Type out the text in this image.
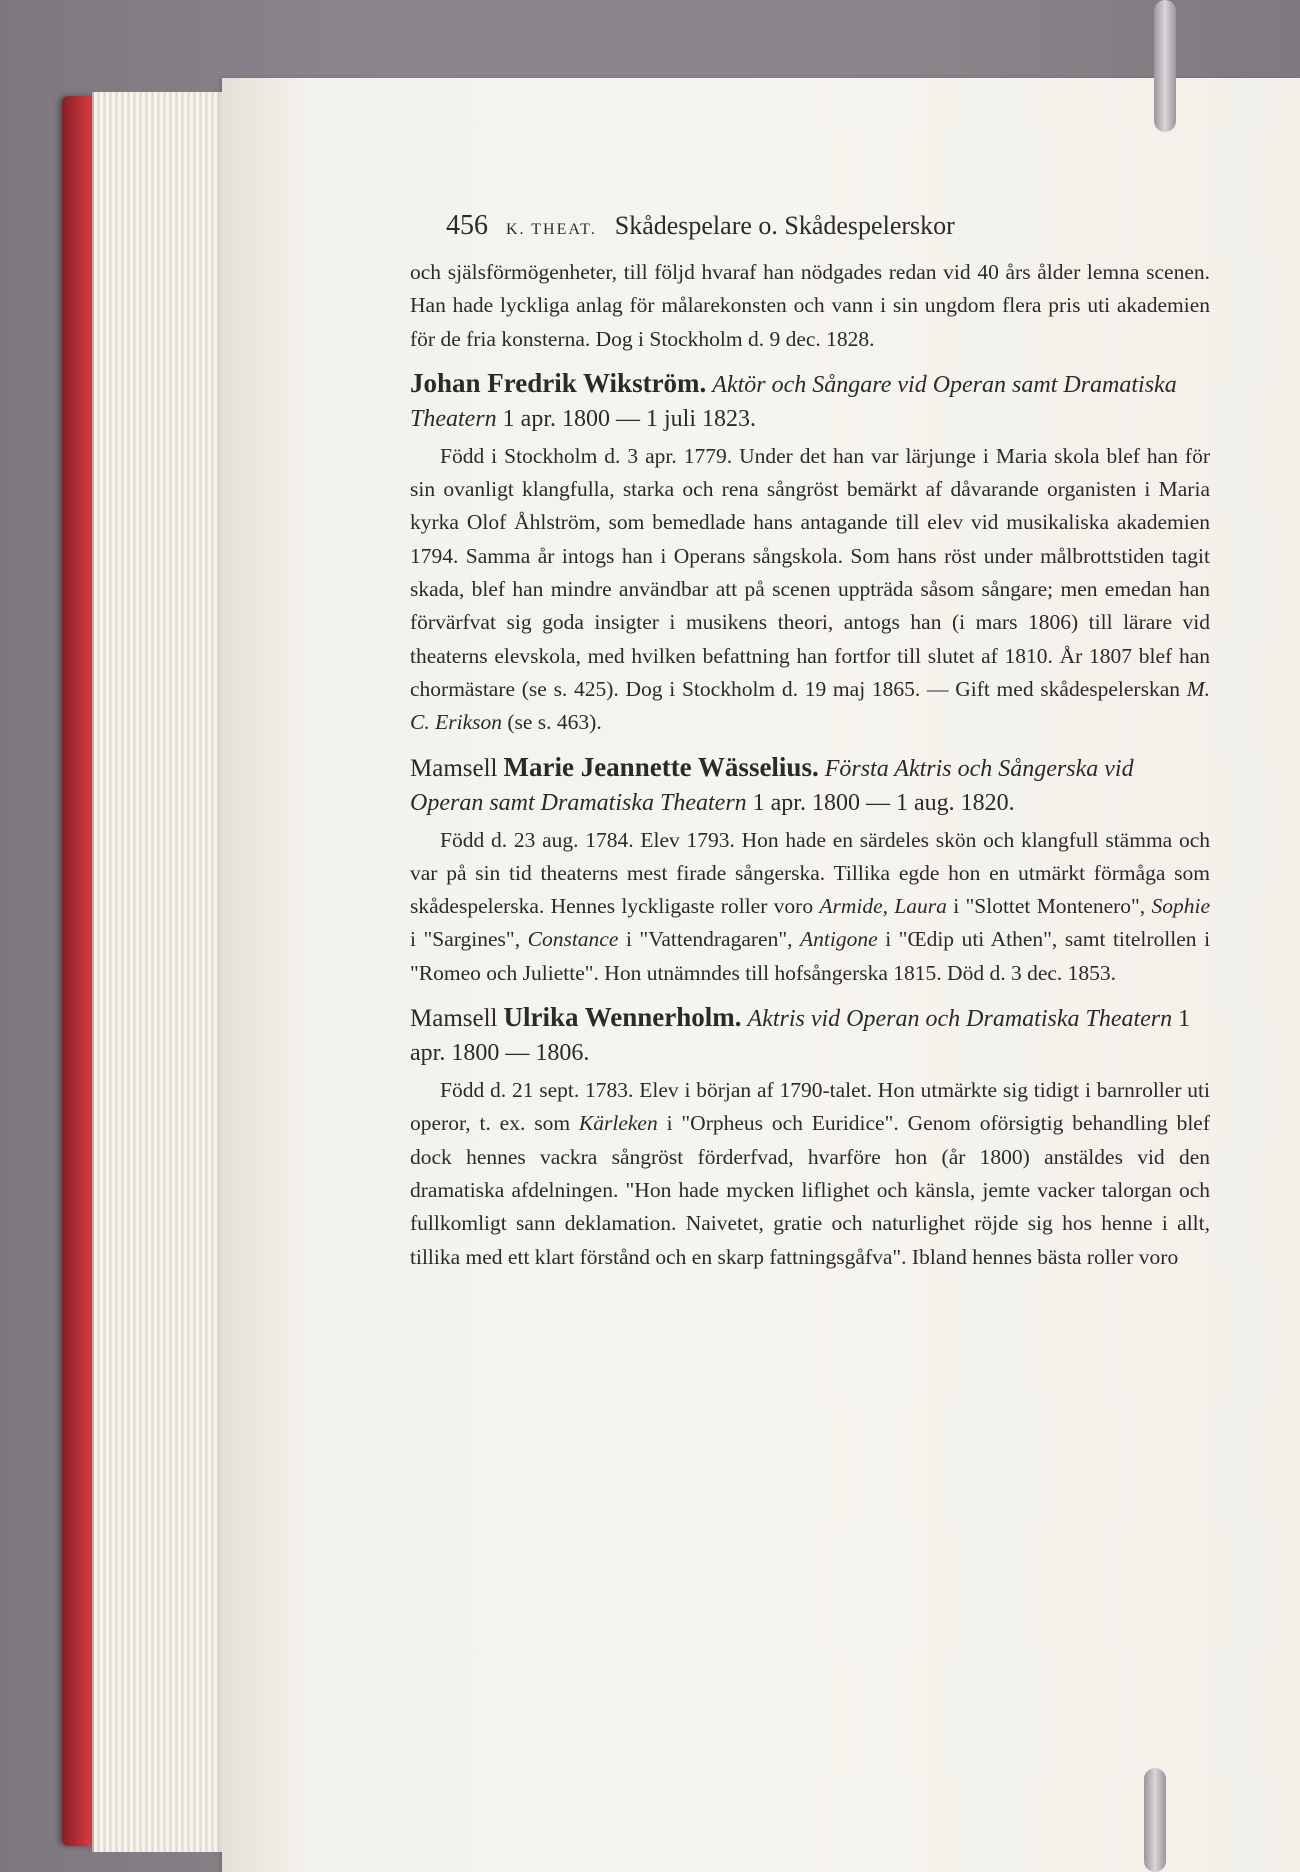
456 K. THEAT. Skådespelare o. Skådespelerskor

och själsförmögenheter, till följd hvaraf han nödgades redan vid 40 års ålder lemna scenen. Han hade lyckliga anlag för målarekonsten och vann i sin ungdom flera pris uti akademien för de fria konsterna. Dog i Stockholm d. 9 dec. 1828.

Johan Fredrik Wikström. Aktör och Sångare vid Operan samt Dramatiska Theatern 1 apr. 1800 — 1 juli 1823.

Född i Stockholm d. 3 apr. 1779. Under det han var lärjunge i Maria skola blef han för sin ovanligt klangfulla, starka och rena sångröst bemärkt af dåvarande organisten i Maria kyrka Olof Åhlström, som bemedlade hans antagande till elev vid musikaliska akademien 1794. Samma år intogs han i Operans sångskola. Som hans röst under målbrottstiden tagit skada, blef han mindre användbar att på scenen uppträda såsom sångare; men emedan han förvärfvat sig goda insigter i musikens theori, antogs han (i mars 1806) till lärare vid theaterns elevskola, med hvilken befattning han fortfor till slutet af 1810. År 1807 blef han chormästare (se s. 425). Dog i Stockholm d. 19 maj 1865. — Gift med skådespelerskan M. C. Erikson (se s. 463).

Mamsell Marie Jeannette Wässelius. Första Aktris och Sångerska vid Operan samt Dramatiska Theatern 1 apr. 1800 — 1 aug. 1820.

Född d. 23 aug. 1784. Elev 1793. Hon hade en särdeles skön och klangfull stämma och var på sin tid theaterns mest firade sångerska. Tillika egde hon en utmärkt förmåga som skådespelerska. Hennes lyckligaste roller voro Armide, Laura i "Slottet Montenero", Sophie i "Sargines", Constance i "Vattendragaren", Antigone i "Œdip uti Athen", samt titelrollen i "Romeo och Juliette". Hon utnämndes till hofsångerska 1815. Död d. 3 dec. 1853.

Mamsell Ulrika Wennerholm. Aktris vid Operan och Dramatiska Theatern 1 apr. 1800 — 1806.

Född d. 21 sept. 1783. Elev i början af 1790-talet. Hon utmärkte sig tidigt i barnroller uti operor, t. ex. som Kärleken i "Orpheus och Euridice". Genom oförsigtig behandling blef dock hennes vackra sångröst förderfvad, hvarföre hon (år 1800) anstäldes vid den dramatiska afdelningen. "Hon hade mycken liflighet och känsla, jemte vacker talorgan och fullkomligt sann deklamation. Naivetet, gratie och naturlighet röjde sig hos henne i allt, tillika med ett klart förstånd och en skarp fattningsgåfva". Ibland hennes bästa roller voro
